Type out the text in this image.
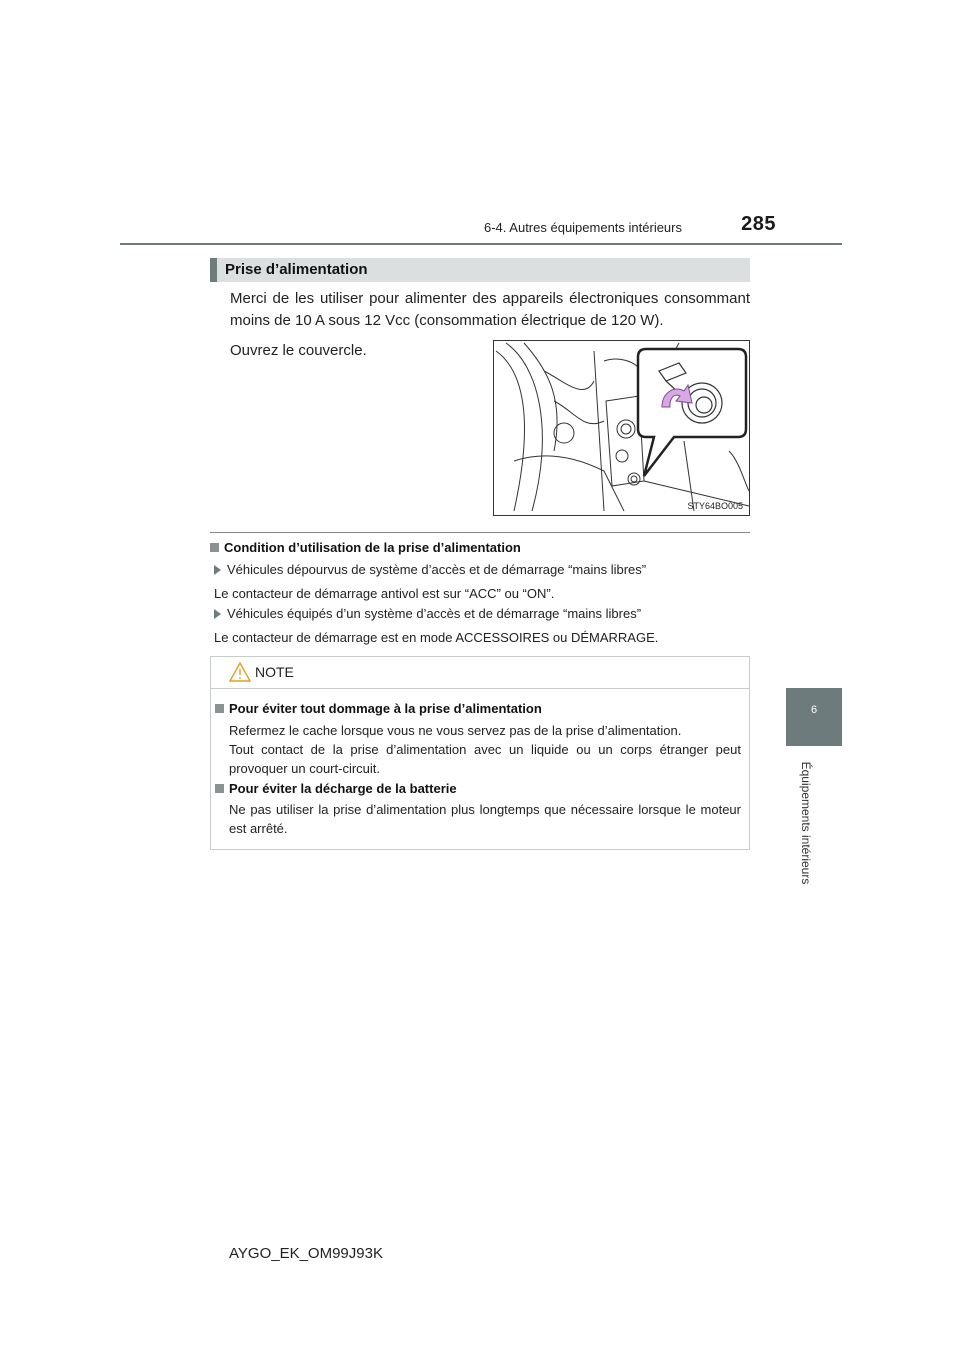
6-4. Autres équipements intérieurs	285
6
Équipements intérieurs
Prise d’alimentation
Merci de les utiliser pour alimenter des appareils électroniques consommant moins de 10 A sous 12 Vcc (consommation électrique de 120 W).
Ouvrez le couvercle.
STY64BO005
Condition d’utilisation de la prise d’alimentation
Véhicules dépourvus de système d’accès et de démarrage “mains libres”
Le contacteur de démarrage antivol est sur “ACC” ou “ON”.
Véhicules équipés d’un système d’accès et de démarrage “mains libres”
Le contacteur de démarrage est en mode ACCESSOIRES ou DÉMARRAGE.
NOTE
Pour éviter tout dommage à la prise d’alimentation
Refermez le cache lorsque vous ne vous servez pas de la prise d’alimentation.
Tout contact de la prise d’alimentation avec un liquide ou un corps étranger peut provoquer un court-circuit.
Pour éviter la décharge de la batterie
Ne pas utiliser la prise d’alimentation plus longtemps que nécessaire lorsque le moteur est arrêté.
AYGO_EK_OM99J93K
